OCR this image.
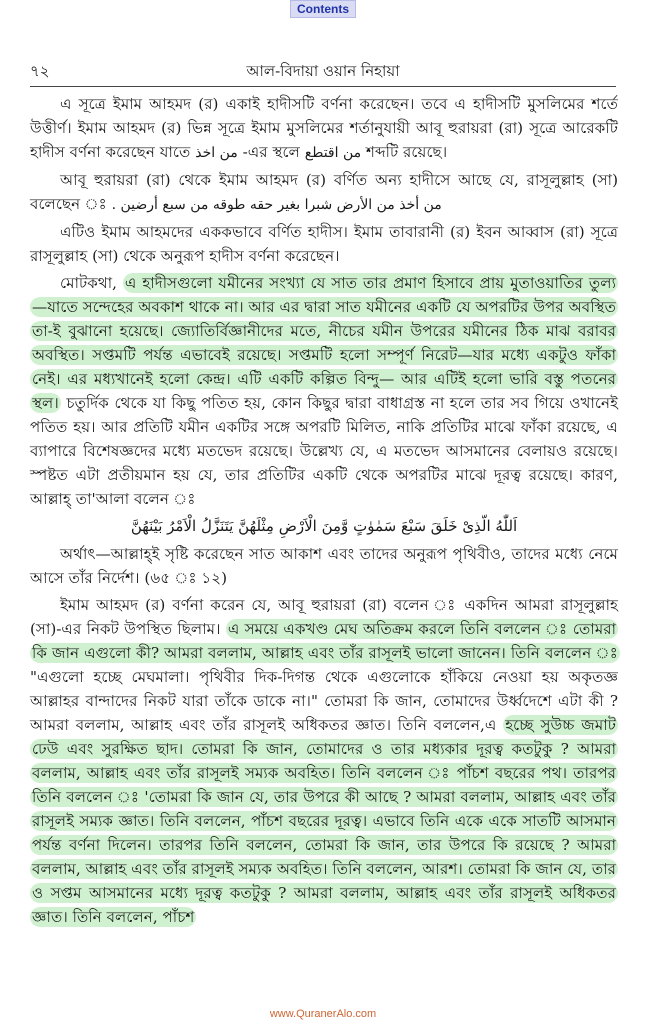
Contents
৭২	আল-বিদায়া ওয়ান নিহায়া

এ সূত্রে ইমাম আহমদ (র) একাই হাদীসটি বর্ণনা করেছেন। তবে এ হাদীসটি মুসলিমের শর্তে উত্তীর্ণ। ইমাম আহমদ (র) ভিন্ন সূত্রে ইমাম মুসলিমের শর্তানুযায়ী আবূ হুরায়রা (রা) সূত্রে আরেকটি হাদীস বর্ণনা করেছেন যাতে من اخذ -এর স্থলে من اقتطع শব্দটি রয়েছে।

আবূ হুরায়রা (রা) থেকে ইমাম আহমদ (র) বর্ণিত অন্য হাদীসে আছে যে, রাসূলুল্লাহ (সা) বলেছেন ঃ من أخذ من الأرض شبرا بغير حقه طوقه من سبع أرضين .

এটিও ইমাম আহমদের এককভাবে বর্ণিত হাদীস। ইমাম তাবারানী (র) ইবন আব্বাস (রা) সূত্রে রাসূলুল্লাহ (সা) থেকে অনুরূপ হাদীস বর্ণনা করেছেন।

মোটকথা, এ হাদীসগুলো যমীনের সংখ্যা যে সাত তার প্রমাণ হিসাবে প্রায় মুতাওয়াতির তুল্য—যাতে সন্দেহের অবকাশ থাকে না। আর এর দ্বারা সাত যমীনের একটি যে অপরটির উপর অবস্থিত তা-ই বুঝানো হয়েছে। জ্যোতির্বিজ্ঞানীদের মতে, নীচের যমীন উপরের যমীনের ঠিক মাঝ বরাবর অবস্থিত। সপ্তমটি পর্যন্ত এভাবেই রয়েছে। সপ্তমটি হলো সম্পূর্ণ নিরেট—যার মধ্যে একটুও ফাঁকা নেই। এর মধ্যখানেই হলো কেন্দ্র। এটি একটি কল্পিত বিন্দু— আর এটিই হলো ভারি বস্তু পতনের স্থল। চতুর্দিক থেকে যা কিছু পতিত হয়, কোন কিছুর দ্বারা বাধাগ্রস্ত না হলে তার সব গিয়ে ওখানেই পতিত হয়। আর প্রতিটি যমীন একটির সঙ্গে অপরটি মিলিত, নাকি প্রতিটির মাঝে ফাঁকা রয়েছে, এ ব্যাপারে বিশেষজ্ঞদের মধ্যে মতভেদ রয়েছে। উল্লেখ্য যে, এ মতভেদ আসমানের বেলায়ও রয়েছে। স্পষ্টত এটা প্রতীয়মান হয় যে, তার প্রতিটির একটি থেকে অপরটির মাঝে দূরত্ব রয়েছে। কারণ, আল্লাহ্ তা'আলা বলেন ঃ

اَللّٰهُ الَّذِىْ خَلَقَ سَبْعَ سَمٰوٰتٍ وَّمِنَ الْاَرْضِ مِثْلَهُنَّ يَتَنَزَّلُ الْاَمْرُ بَيْنَهُنَّ

অর্থাৎ—আল্লাহ্ই সৃষ্টি করেছেন সাত আকাশ এবং তাদের অনুরূপ পৃথিবীও, তাদের মধ্যে নেমে আসে তাঁর নির্দেশ। (৬৫ ঃ ১২)

ইমাম আহমদ (র) বর্ণনা করেন যে, আবূ হুরায়রা (রা) বলেন ঃ একদিন আমরা রাসূলুল্লাহ (সা)-এর নিকট উপস্থিত ছিলাম। এ সময়ে একখণ্ড মেঘ অতিক্রম করলে তিনি বললেন ঃ তোমরা কি জান এগুলো কী? আমরা বললাম, আল্লাহ এবং তাঁর রাসূলই ভালো জানেন। তিনি বললেন ঃ "এগুলো হচ্ছে মেঘমালা। পৃথিবীর দিক-দিগন্ত থেকে এগুলোকে হাঁকিয়ে নেওয়া হয় অকৃতজ্ঞ আল্লাহর বান্দাদের নিকট যারা তাঁকে ডাকে না।" তোমরা কি জান, তোমাদের উর্ধ্বদেশে এটা কী ? আমরা বললাম, আল্লাহ এবং তাঁর রাসূলই অধিকতর জ্ঞাত। তিনি বললেন,এ হচ্ছে সুউচ্চ জমাট ঢেউ এবং সুরক্ষিত ছাদ। তোমরা কি জান, তোমাদের ও তার মধ্যকার দূরত্ব কতটুকু ? আমরা বললাম, আল্লাহ এবং তাঁর রাসূলই সম্যক অবহিত। তিনি বললেন ঃ পাঁচশ বছরের পথ। তারপর তিনি বললেন ঃ 'তোমরা কি জান যে, তার উপরে কী আছে ? আমরা বললাম, আল্লাহ এবং তাঁর রাসূলই সম্যক জ্ঞাত। তিনি বললেন, পাঁচশ বছরের দূরত্ব। এভাবে তিনি একে একে সাতটি আসমান পর্যন্ত বর্ণনা দিলেন। তারপর তিনি বললেন, তোমরা কি জান, তার উপরে কি রয়েছে ? আমরা বললাম, আল্লাহ এবং তাঁর রাসূলই সম্যক অবহিত। তিনি বললেন, আরশ। তোমরা কি জান যে, তার ও সপ্তম আসমানের মধ্যে দূরত্ব কতটুকু ? আমরা বললাম, আল্লাহ এবং তাঁর রাসূলই অধিকতর জ্ঞাত। তিনি বললেন, পাঁচশ

www.QuranerAlo.com
